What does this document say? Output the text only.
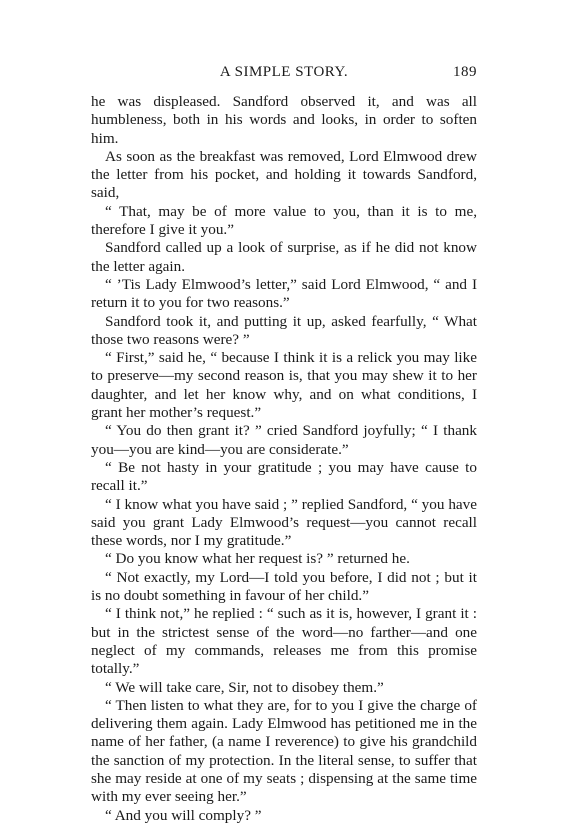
A SIMPLE STORY.	189

he was displeased. Sandford observed it, and was all humbleness, both in his words and looks, in order to soften him.

As soon as the breakfast was removed, Lord Elmwood drew the letter from his pocket, and holding it towards Sandford, said,

“ That, may be of more value to you, than it is to me, therefore I give it you.”

Sandford called up a look of surprise, as if he did not know the letter again.

“ ’Tis Lady Elmwood’s letter,” said Lord Elmwood, “ and I return it to you for two reasons.”

Sandford took it, and putting it up, asked fearfully, “ What those two reasons were? ”

“ First,” said he, “ because I think it is a relick you may like to preserve—my second reason is, that you may shew it to her daughter, and let her know why, and on what conditions, I grant her mother’s request.”

“ You do then grant it? ” cried Sandford joyfully; “ I thank you—you are kind—you are considerate.”

“ Be not hasty in your gratitude ; you may have cause to recall it.”

“ I know what you have said ; ” replied Sandford, “ you have said you grant Lady Elmwood’s request—you cannot recall these words, nor I my gratitude.”

“ Do you know what her request is? ” returned he.

“ Not exactly, my Lord—I told you before, I did not ; but it is no doubt something in favour of her child.”

“ I think not,” he replied : “ such as it is, however, I grant it : but in the strictest sense of the word—no farther—and one neglect of my commands, releases me from this promise totally.”

“ We will take care, Sir, not to disobey them.”

“ Then listen to what they are, for to you I give the charge of delivering them again. Lady Elmwood has petitioned me in the name of her father, (a name I reverence) to give his grandchild the sanction of my protection. In the literal sense, to suffer that she may reside at one of my seats ; dispensing at the same time with my ever seeing her.”

“ And you will comply? ”
